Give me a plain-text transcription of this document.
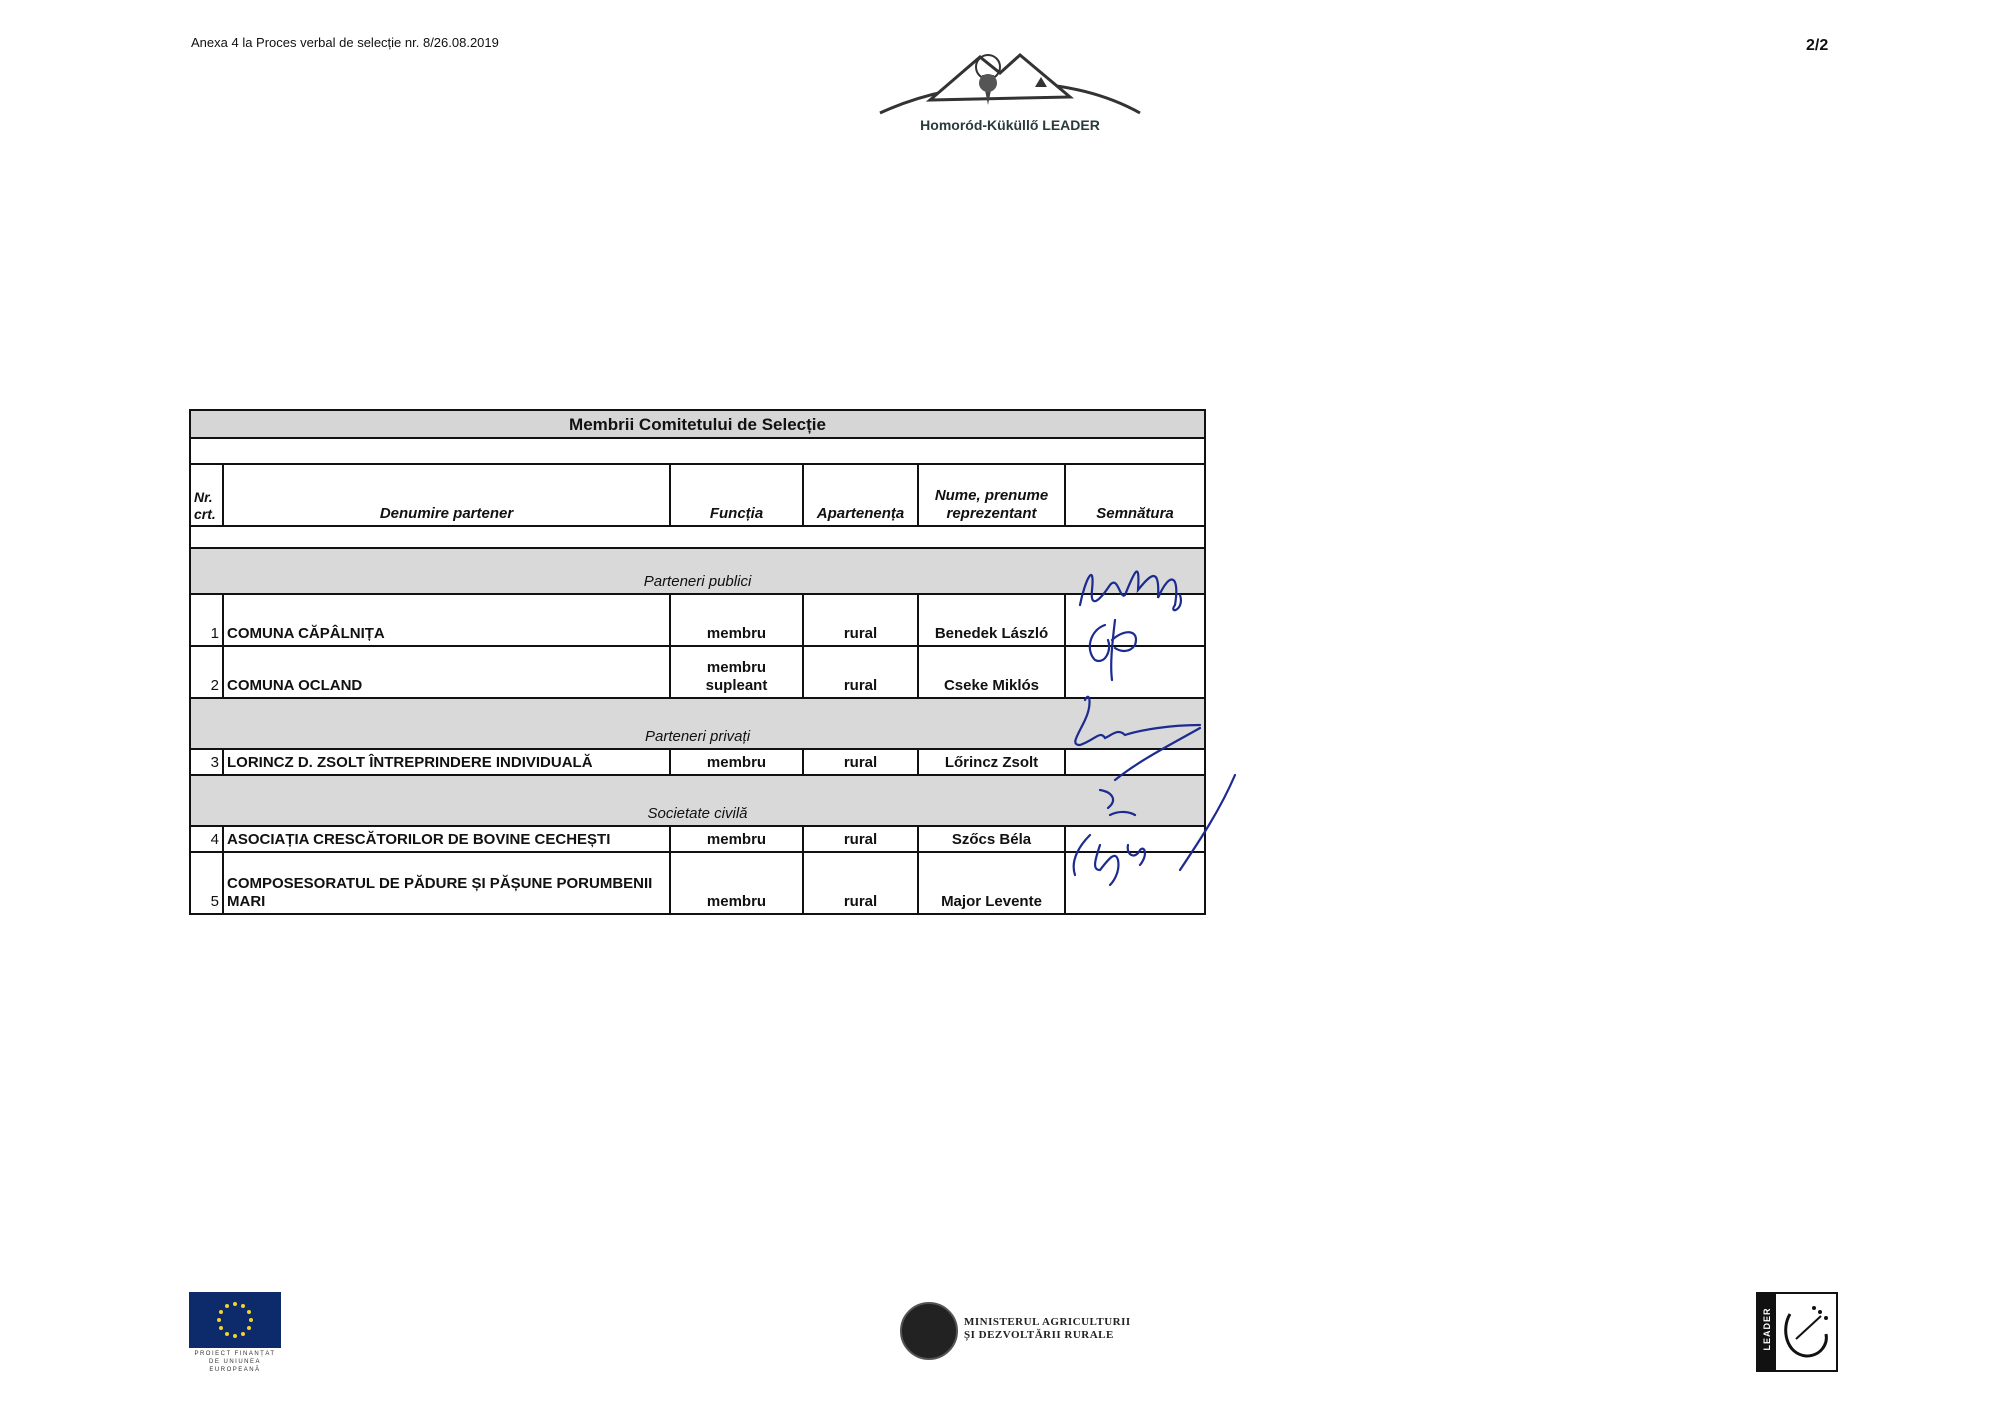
Anexa 4 la Proces verbal de selecție nr. 8/26.08.2019	2/2
Homoród-Küküllő LEADER
Membrii Comitetului de Selecție					

Nr. crt.	Denumire partener	Funcția	Apartenența	Nume, prenume reprezentant	Semnătura

Parteneri publici					
1	COMUNA CĂPÂLNIȚA	membru	rural	Benedek László	
2	COMUNA OCLAND	membru supleant	rural	Cseke Miklós	
Parteneri privați					
3	LORINCZ D. ZSOLT ÎNTREPRINDERE INDIVIDUALĂ	membru	rural	Lőrincz Zsolt	
Societate civilă					
4	ASOCIAȚIA CRESCĂTORILOR DE BOVINE CECHEȘTI	membru	rural	Szőcs Béla	
5	COMPOSESORATUL DE PĂDURE ȘI PĂȘUNE PORUMBENII MARI	membru	rural	Major Levente	
PROIECT FINANȚAT DE UNIUNEA EUROPEANĂ
MINISTERUL AGRICULTURII
ȘI DEZVOLTĂRII RURALE	LEADER
